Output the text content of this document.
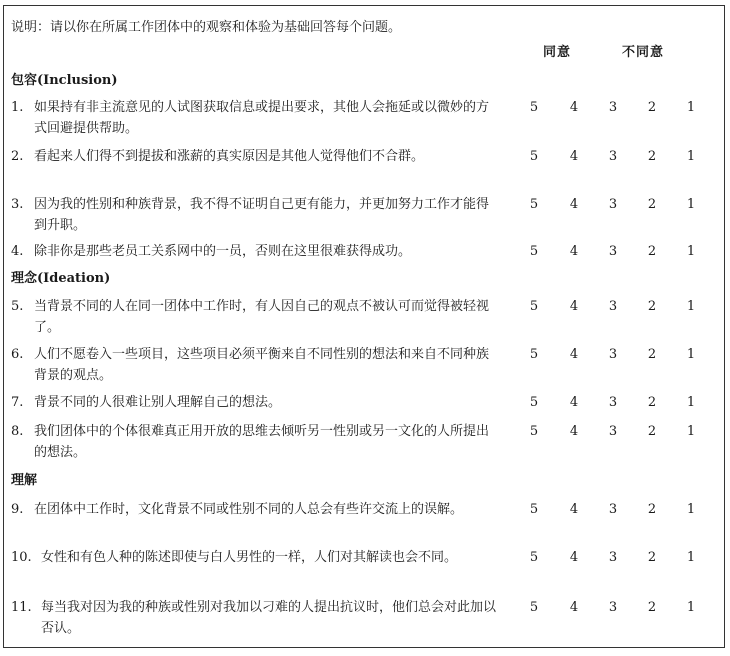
说明：请以你在所属工作团体中的观察和体验为基础回答每个问题。
同意	不同意
包容(Inclusion)
1. 如果持有非主流意见的人试图获取信息或提出要求，其他人会拖延或以微妙的方式回避提供帮助。
5 4 3 2 1
2. 看起来人们得不到提拔和涨薪的真实原因是其他人觉得他们不合群。	5 4 3 2 1
3. 因为我的性别和种族背景，我不得不证明自己更有能力，并更加努力工作才能得到升职。
5 4 3 2 1
4. 除非你是那些老员工关系网中的一员，否则在这里很难获得成功。	5 4 3 2 1
理念(Ideation)
5. 当背景不同的人在同一团体中工作时，有人因自己的观点不被认可而觉得被轻视了。
5 4 3 2 1
6. 人们不愿卷入一些项目，这些项目必须平衡来自不同性别的想法和来自不同种族背景的观点。
5 4 3 2 1
7. 背景不同的人很难让别人理解自己的想法。	5 4 3 2 1
8. 我们团体中的个体很难真正用开放的思维去倾听另一性别或另一文化的人所提出的想法。
5 4 3 2 1
理解
9. 在团体中工作时，文化背景不同或性别不同的人总会有些许交流上的误解。	5 4 3 2 1
10. 女性和有色人种的陈述即使与白人男性的一样，人们对其解读也会不同。	5 4 3 2 1
11. 每当我对因为我的种族或性别对我加以刁难的人提出抗议时，他们总会对此加以否认。
5 4 3 2 1
